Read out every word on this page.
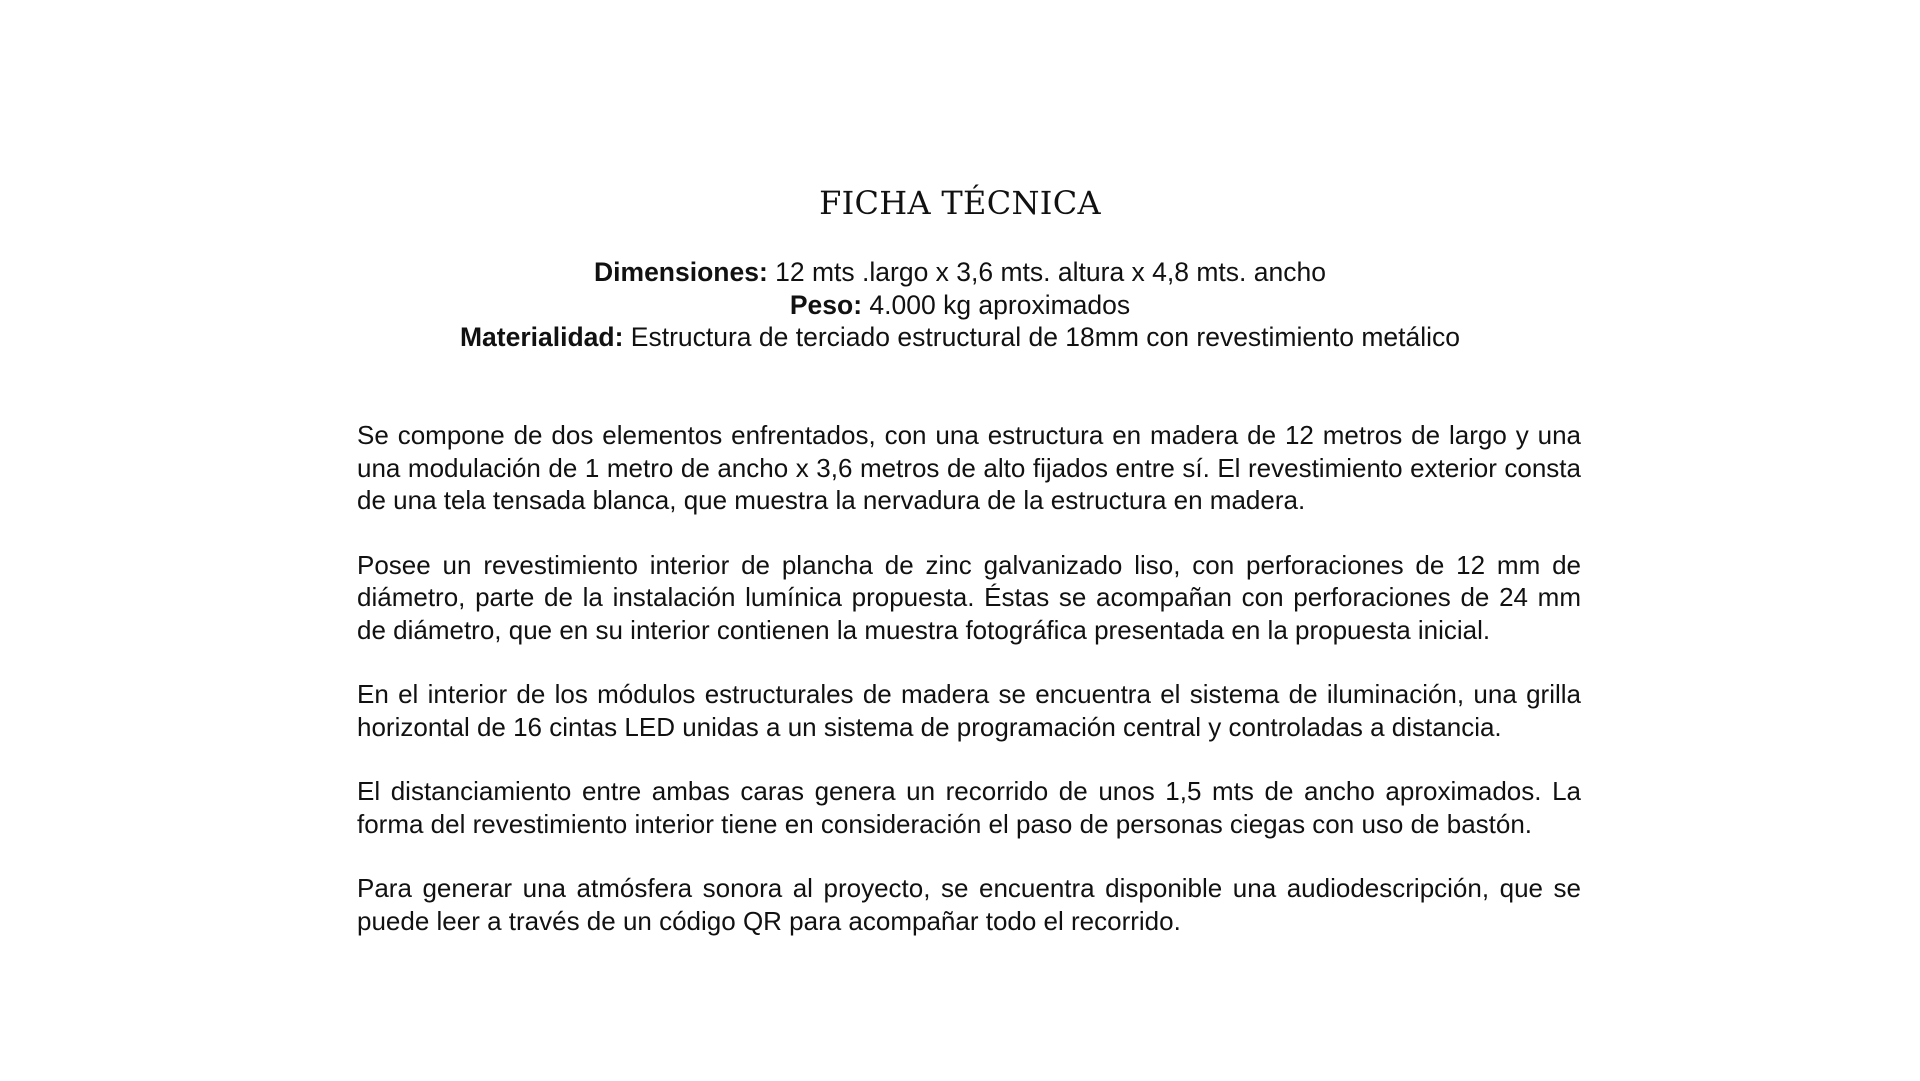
FICHA TÉCNICA
Dimensiones: 12 mts .largo x 3,6 mts. altura x 4,8 mts. ancho
Peso: 4.000 kg aproximados
Materialidad: Estructura de terciado estructural de 18mm con revestimiento metálico

Se compone de dos elementos enfrentados, con una estructura en madera de 12 metros de largo y una una modulación de 1 metro de ancho x 3,6 metros de alto fijados entre sí. El revestimiento exterior consta de una tela tensada blanca, que muestra la nervadura de la estructura en madera.

Posee un revestimiento interior de plancha de zinc galvanizado liso, con perforaciones de 12 mm de diámetro, parte de la instalación lumínica propuesta. Éstas se acompañan con perforaciones de 24 mm de diámetro, que en su interior contienen la muestra fotográfica presentada en la propuesta inicial.

En el interior de los módulos estructurales de madera se encuentra el sistema de iluminación, una grilla horizontal de 16 cintas LED unidas a un sistema de programación central y controladas a distancia.

El distanciamiento entre ambas caras genera un recorrido de unos 1,5 mts de ancho aproximados. La forma del revestimiento interior tiene en consideración el paso de personas ciegas con uso de bastón.

Para generar una atmósfera sonora al proyecto, se encuentra disponible una audiodescripción, que se puede leer a través de un código QR para acompañar todo el recorrido.
